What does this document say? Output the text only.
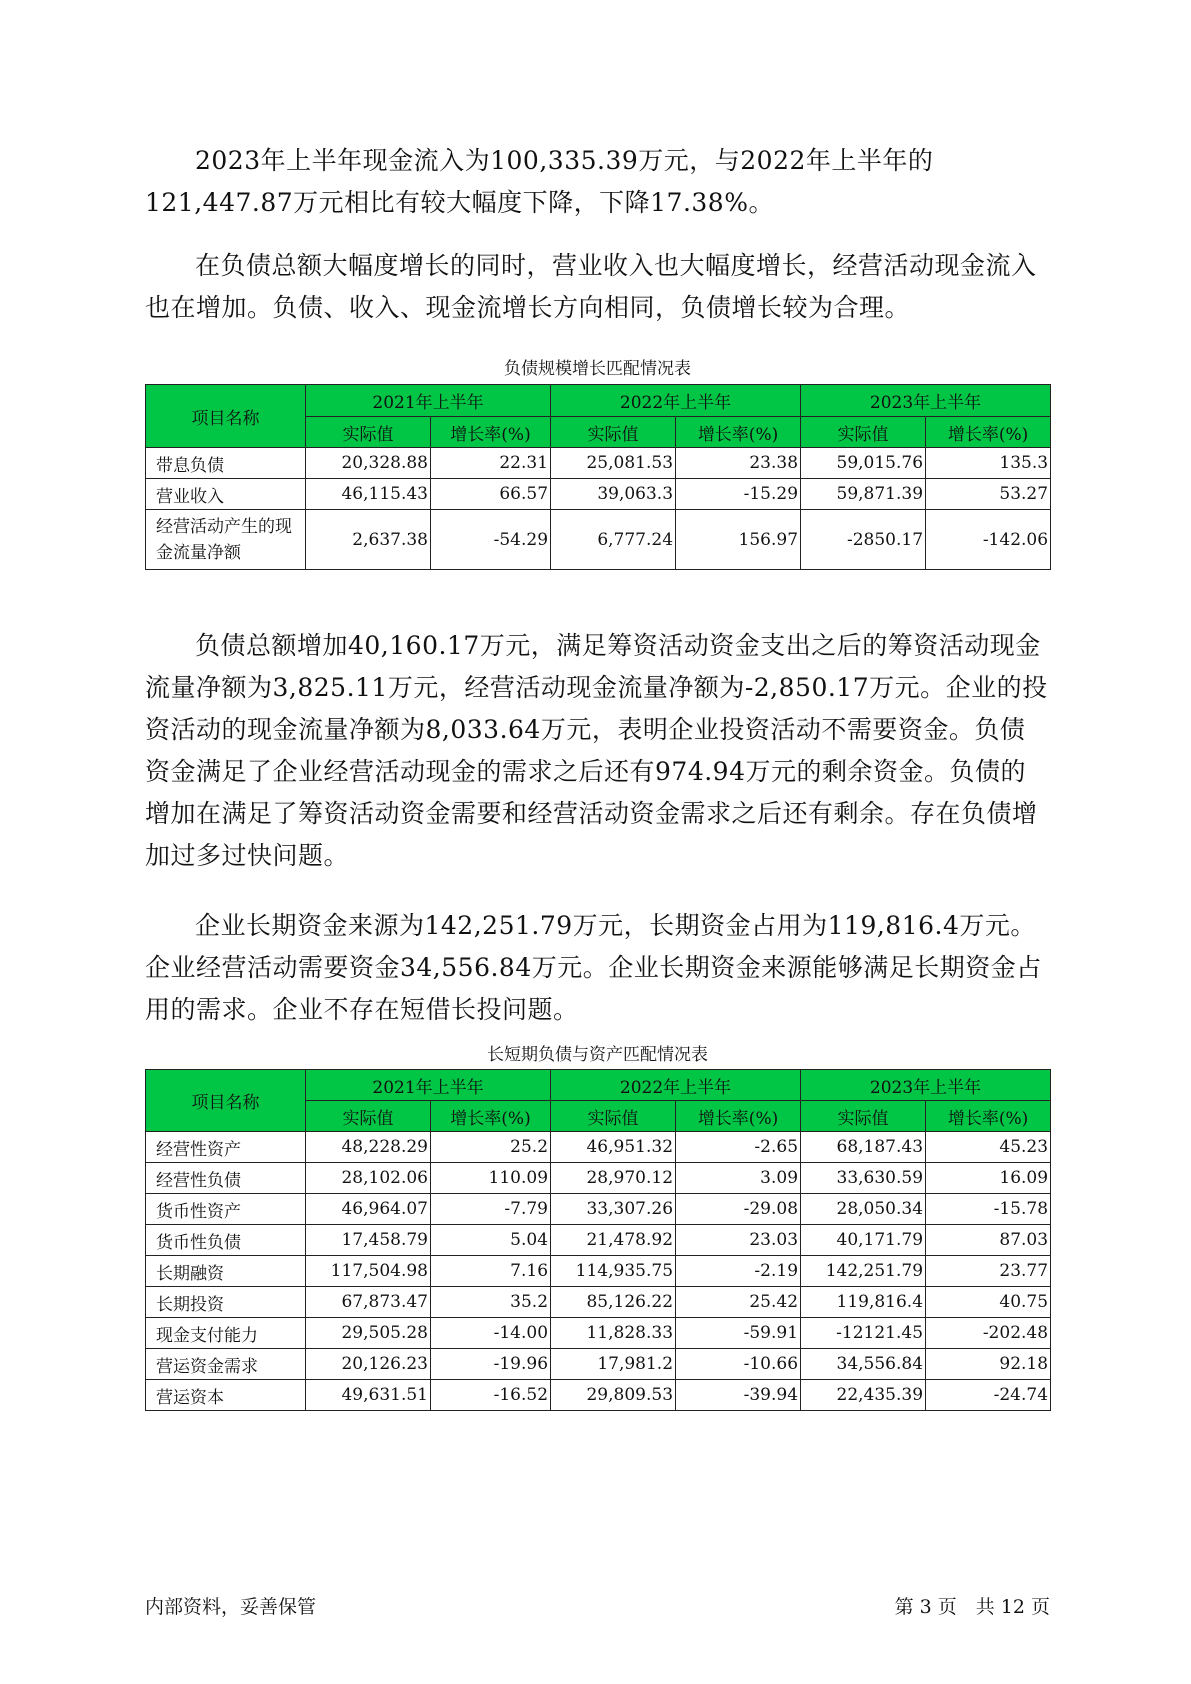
2023年上半年现金流入为100,335.39万元，与2022年上半年的121,447.87万元相比有较大幅度下降，下降17.38%。

在负债总额大幅度增长的同时，营业收入也大幅度增长，经营活动现金流入也在增加。负债、收入、现金流增长方向相同，负债增长较为合理。

负债规模增长匹配情况表
项目名称	2021年上半年		2022年上半年		2023年上半年	
	实际值	增长率(%)	实际值	增长率(%)	实际值	增长率(%)
带息负债	20,328.88	22.31	25,081.53	23.38	59,015.76	135.3
营业收入	46,115.43	66.57	39,063.3	-15.29	59,871.39	53.27
经营活动产生的现金流量净额	2,637.38	-54.29	6,777.24	156.97	-2850.17	-142.06

负债总额增加40,160.17万元，满足筹资活动资金支出之后的筹资活动现金流量净额为3,825.11万元，经营活动现金流量净额为-2,850.17万元。企业的投资活动的现金流量净额为8,033.64万元，表明企业投资活动不需要资金。负债资金满足了企业经营活动现金的需求之后还有974.94万元的剩余资金。负债的增加在满足了筹资活动资金需要和经营活动资金需求之后还有剩余。存在负债增加过多过快问题。

企业长期资金来源为142,251.79万元，长期资金占用为119,816.4万元。企业经营活动需要资金34,556.84万元。企业长期资金来源能够满足长期资金占用的需求。企业不存在短借长投问题。

长短期负债与资产匹配情况表
项目名称	2021年上半年		2022年上半年		2023年上半年	
	实际值	增长率(%)	实际值	增长率(%)	实际值	增长率(%)
经营性资产	48,228.29	25.2	46,951.32	-2.65	68,187.43	45.23
经营性负债	28,102.06	110.09	28,970.12	3.09	33,630.59	16.09
货币性资产	46,964.07	-7.79	33,307.26	-29.08	28,050.34	-15.78
货币性负债	17,458.79	5.04	21,478.92	23.03	40,171.79	87.03
长期融资	117,504.98	7.16	114,935.75	-2.19	142,251.79	23.77
长期投资	67,873.47	35.2	85,126.22	25.42	119,816.4	40.75
现金支付能力	29,505.28	-14.00	11,828.33	-59.91	-12121.45	-202.48
营运资金需求	20,126.23	-19.96	17,981.2	-10.66	34,556.84	92.18
营运资本	49,631.51	-16.52	29,809.53	-39.94	22,435.39	-24.74
内部资料，妥善保管	第 3 页　共 12 页
